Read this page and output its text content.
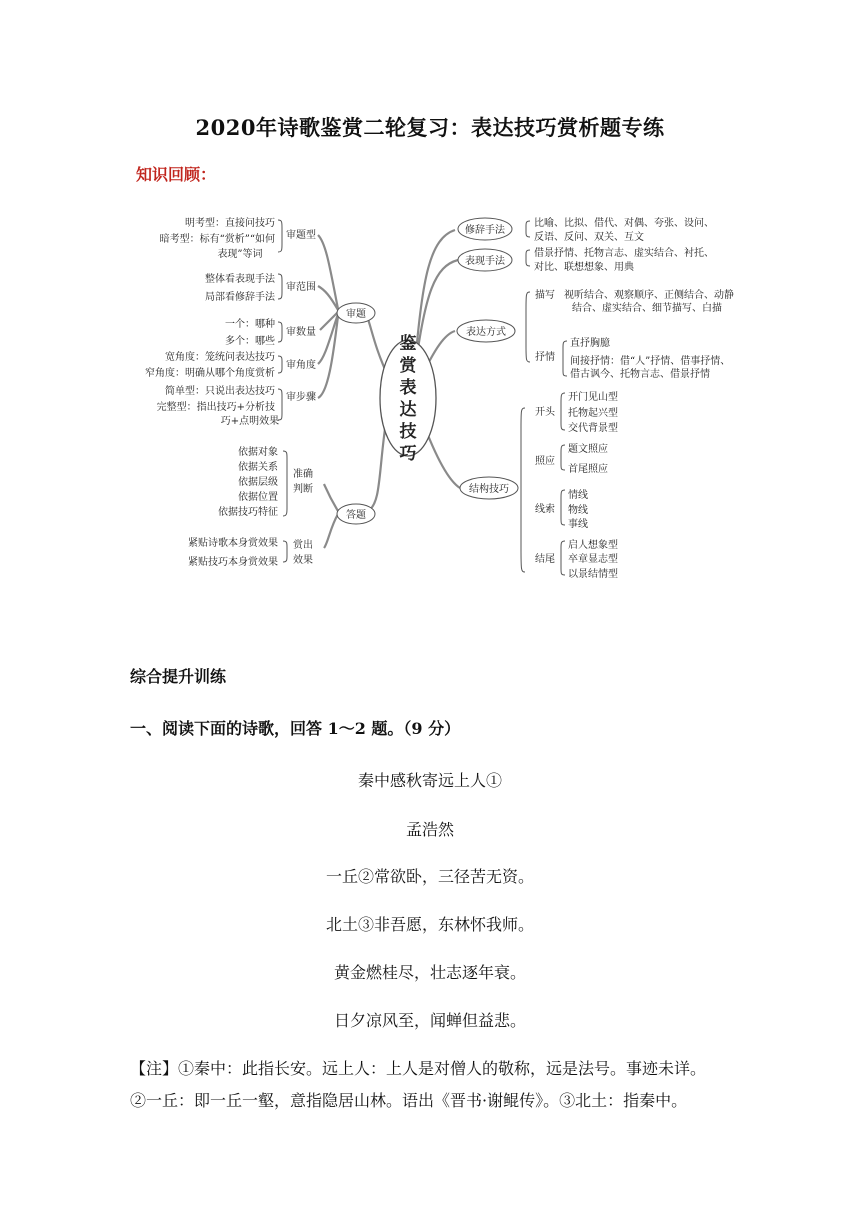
2020年诗歌鉴赏二轮复习：表达技巧赏析题专练
知识回顾：
鉴赏表达技巧
审题
答题
修辞手法
表现手法
表达方式
结构技巧
明考型：直接问技巧
暗考型：标有“赏析”“如何
表现”等词
审题型
整体看表现手法
局部看修辞手法
审范围
一个：哪种
多个：哪些
审数量
宽角度：笼统问表达技巧
窄角度：明确从哪个角度赏析
审角度
简单型：只说出表达技巧
完整型：指出技巧+分析技
巧+点明效果
审步骤
依据对象
依据关系
依据层级
依据位置
依据技巧特征
准确
判断
紧贴诗歌本身赏效果
紧贴技巧本身赏效果
赏出
效果
比喻、比拟、借代、对偶、夸张、设问、
反语、反问、双关、互文
借景抒情、托物言志、虚实结合、衬托、
对比、联想想象、用典
描写 视听结合、观察顺序、正侧结合、动静
结合、虚实结合、细节描写、白描
抒情
直抒胸臆
间接抒情：借“人”抒情、借事抒情、
借古讽今、托物言志、借景抒情
开头
开门见山型
托物起兴型
交代背景型
照应
题文照应
首尾照应
线索
情线
物线
事线
结尾
启人想象型
卒章显志型
以景结情型
综合提升训练
一、阅读下面的诗歌，回答 1～2 题。（9 分）
秦中感秋寄远上人①
孟浩然
一丘②常欲卧，三径苦无资。
北土③非吾愿，东林怀我师。
黄金燃桂尽，壮志逐年衰。
日夕凉风至，闻蝉但益悲。
【注】①秦中：此指长安。远上人：上人是对僧人的敬称，远是法号。事迹未详。
②一丘：即一丘一壑，意指隐居山林。语出《晋书·谢鲲传》。③北土：指秦中。
